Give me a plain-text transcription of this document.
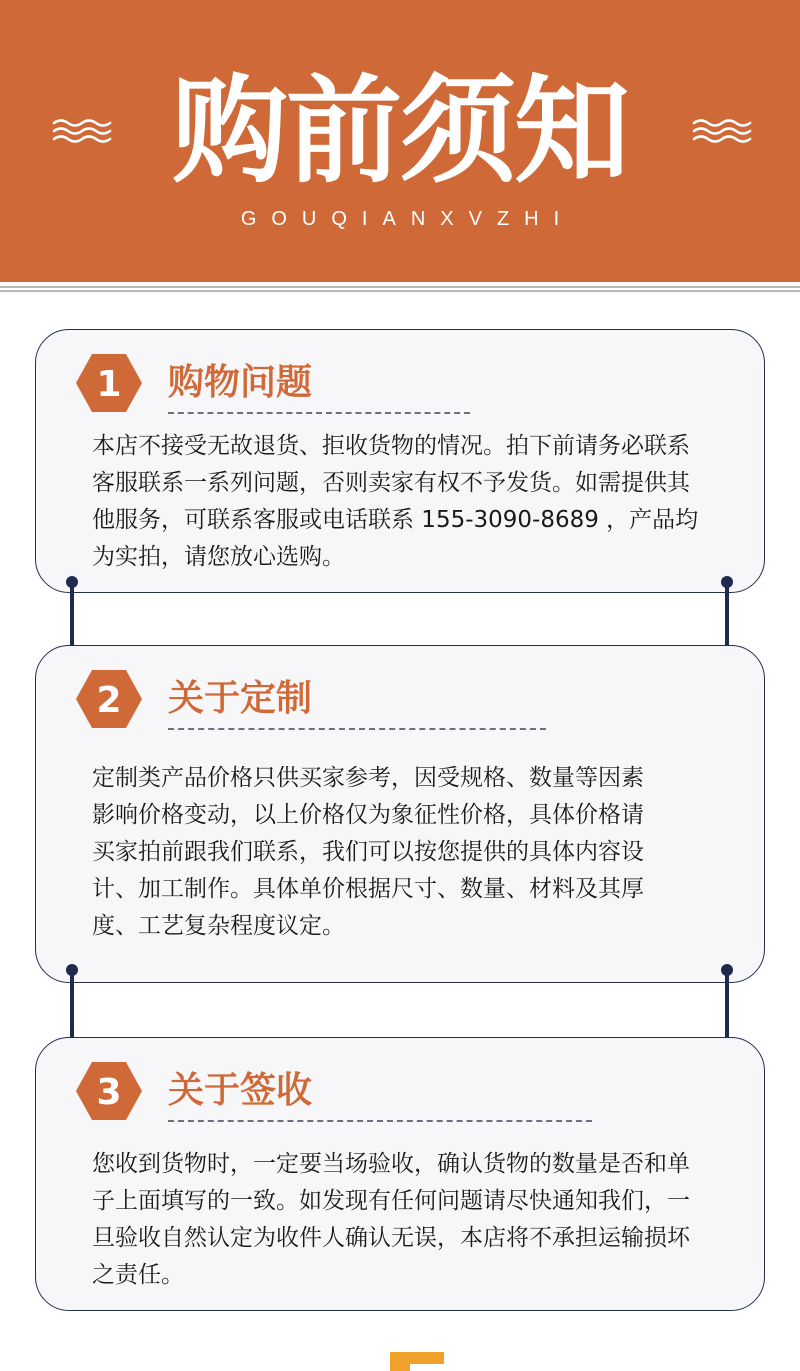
购前须知
GOUQIANXVZHI
1 购物问题
本店不接受无故退货、拒收货物的情况。拍下前请务必联系
客服联系一系列问题，否则卖家有权不予发货。如需提供其
他服务，可联系客服或电话联系 155-3090-8689 ，产品均
为实拍，请您放心选购。
2 关于定制
定制类产品价格只供买家参考，因受规格、数量等因素
影响价格变动，以上价格仅为象征性价格，具体价格请
买家拍前跟我们联系，我们可以按您提供的具体内容设
计、加工制作。具体单价根据尺寸、数量、材料及其厚
度、工艺复杂程度议定。
3 关于签收
您收到货物时，一定要当场验收，确认货物的数量是否和单
子上面填写的一致。如发现有任何问题请尽快通知我们，一
旦验收自然认定为收件人确认无误，本店将不承担运输损坏
之责任。
